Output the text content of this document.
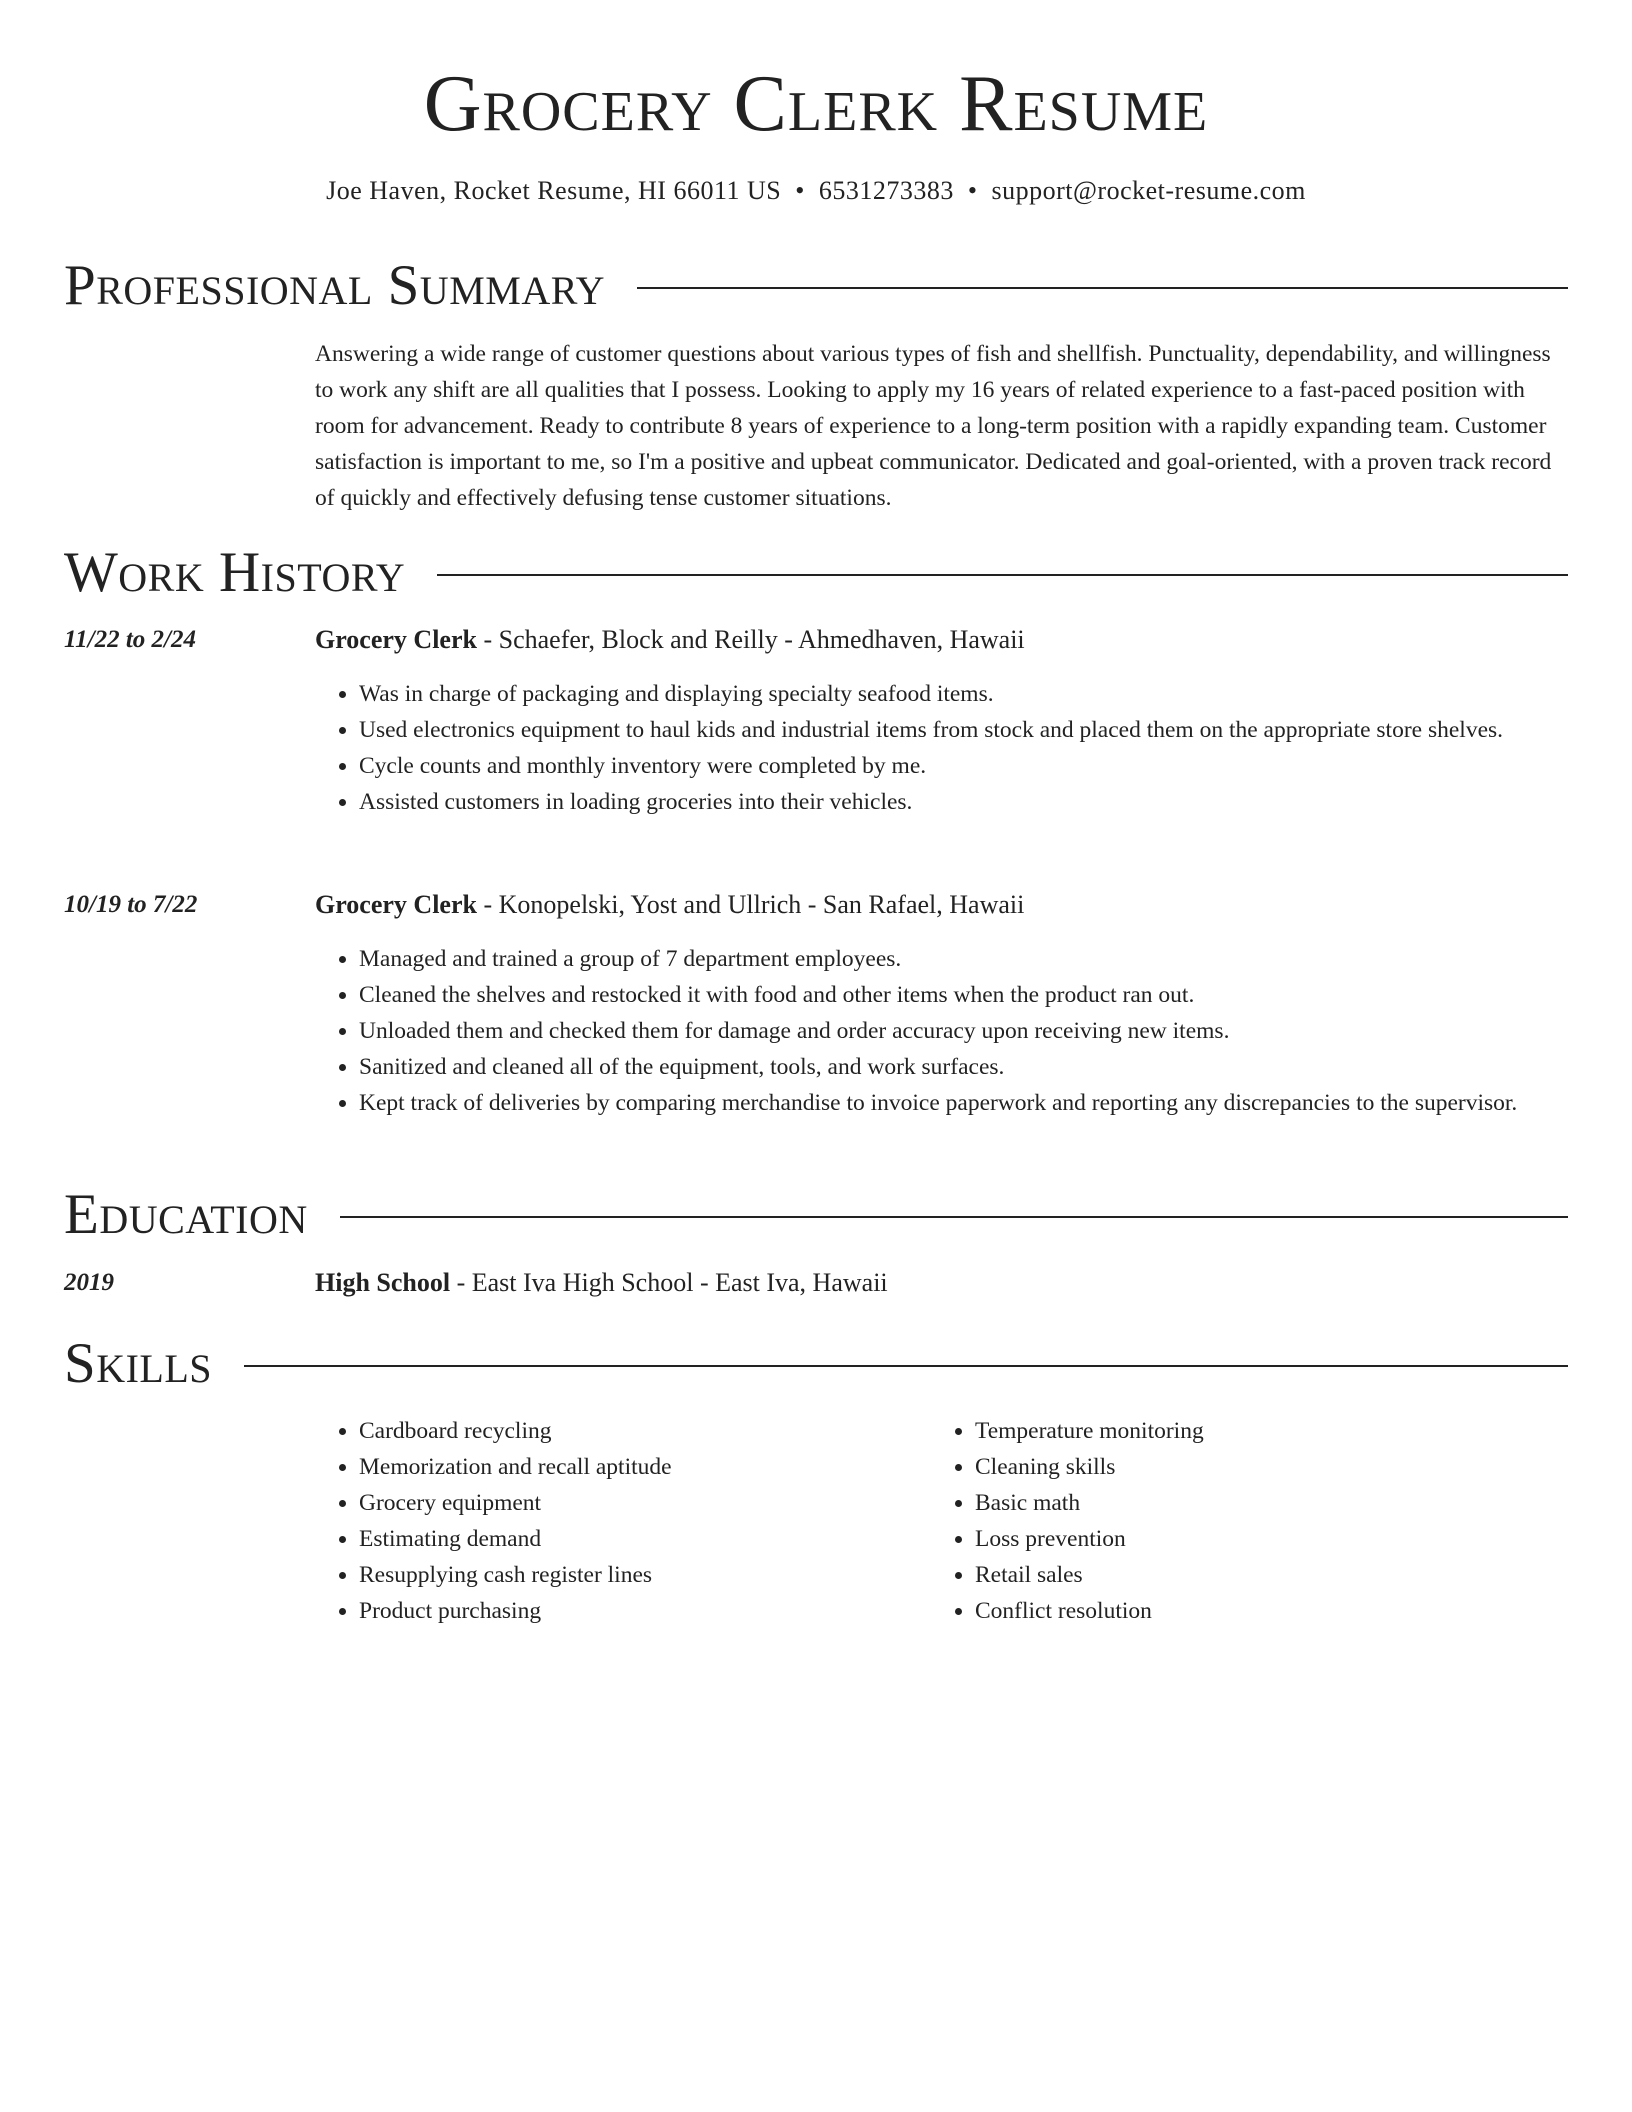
Grocery Clerk Resume
Joe Haven, Rocket Resume, HI 66011 US • 6531273383 • support@rocket-resume.com
Professional Summary
Answering a wide range of customer questions about various types of fish and shellfish. Punctuality, dependability, and willingness to work any shift are all qualities that I possess. Looking to apply my 16 years of related experience to a fast-paced position with room for advancement. Ready to contribute 8 years of experience to a long-term position with a rapidly expanding team. Customer satisfaction is important to me, so I'm a positive and upbeat communicator. Dedicated and goal-oriented, with a proven track record of quickly and effectively defusing tense customer situations.
Work History
11/22 to 2/24	Grocery Clerk - Schaefer, Block and Reilly - Ahmedhaven, Hawaii
• Was in charge of packaging and displaying specialty seafood items.
• Used electronics equipment to haul kids and industrial items from stock and placed them on the appropriate store shelves.
• Cycle counts and monthly inventory were completed by me.
• Assisted customers in loading groceries into their vehicles.
10/19 to 7/22	Grocery Clerk - Konopelski, Yost and Ullrich - San Rafael, Hawaii
• Managed and trained a group of 7 department employees.
• Cleaned the shelves and restocked it with food and other items when the product ran out.
• Unloaded them and checked them for damage and order accuracy upon receiving new items.
• Sanitized and cleaned all of the equipment, tools, and work surfaces.
• Kept track of deliveries by comparing merchandise to invoice paperwork and reporting any discrepancies to the supervisor.
Education
2019	High School - East Iva High School - East Iva, Hawaii
Skills
• Cardboard recycling
• Memorization and recall aptitude
• Grocery equipment
• Estimating demand
• Resupplying cash register lines
• Product purchasing
• Temperature monitoring
• Cleaning skills
• Basic math
• Loss prevention
• Retail sales
• Conflict resolution
